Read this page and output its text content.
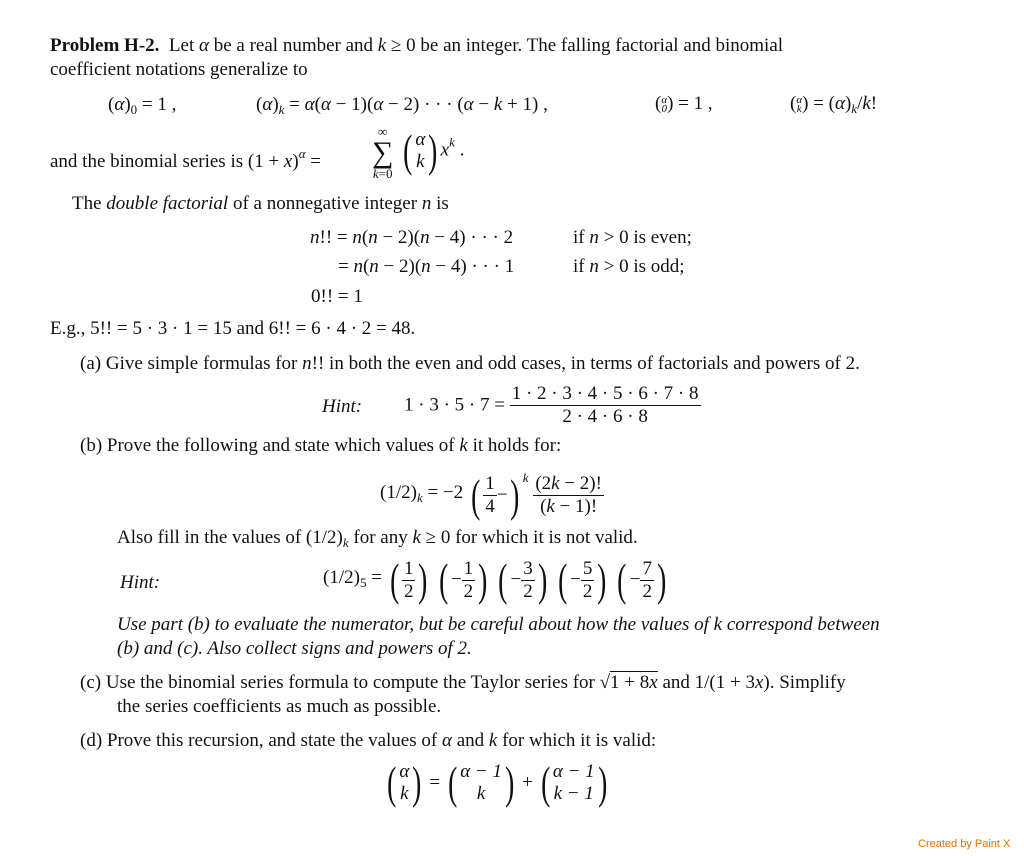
Problem H-2.  Let α be a real number and k ≥ 0 be an integer. The falling factorial and binomial
coefficient notations generalize to
$(\alpha)_0 = 1$ ,	$(\alpha)_k = \alpha(\alpha - 1)(\alpha - 2)$ · · · (α − k + 1) ,	( α
0 ) = 1 ,	( α
k ) = $(\alpha)_k/k$!
and the binomial series is $(1 + x)^\alpha$ =
∞
∑
k=0 ( α
k ) $x^k$ .
The double factorial of a nonnegative integer n is
n!! = n(n − 2)(n − 4) · · · 2	if n > 0 is even;
= n(n − 2)(n − 4) · · · 1	if n > 0 is odd;
0!! = 1
E.g., 5!! = 5 · 3 · 1 = 15 and 6!! = 6 · 4 · 2 = 48.
(a) Give simple formulas for n!! in both the even and odd cases, in terms of factorials and powers of 2.
Hint: $1 \cdot 3 \cdot 5 \cdot 7 = \frac{1 \cdot 2 \cdot 3 \cdot 4 \cdot 5 \cdot 6 \cdot 7 \cdot 8}{2 \cdot 4 \cdot 6 \cdot 8}$
(b) Prove the following and state which values of k it holds for:
$(1/2)_k = -2$ ( $\frac{1}{4}$ −) $^k \frac{(2k - 2)!}{(k - 1)!}$
Also fill in the values of $(1/2)_k$ for any k ≥ 0 for which it is not valid.
Hint:	$(1/2)_5$ = ( $\frac{1}{2}$ ) ( − $\frac{1}{2}$ ) ( − $\frac{3}{2}$ ) ( − $\frac{5}{2}$ ) ( − $\frac{7}{2}$ )
Use part (b) to evaluate the numerator, but be careful about how the values of k correspond between
(b) and (c). Also collect signs and powers of 2.
(c) Use the binomial series formula to compute the Taylor series for √1 + 8x and 1/(1 + 3x). Simplify
the series coefficients as much as possible.
(d) Prove this recursion, and state the values of α and k for which it is valid:
( α
k ) = ( α − 1
k ) + ( α − 1
k − 1 )
Created by Paint X
